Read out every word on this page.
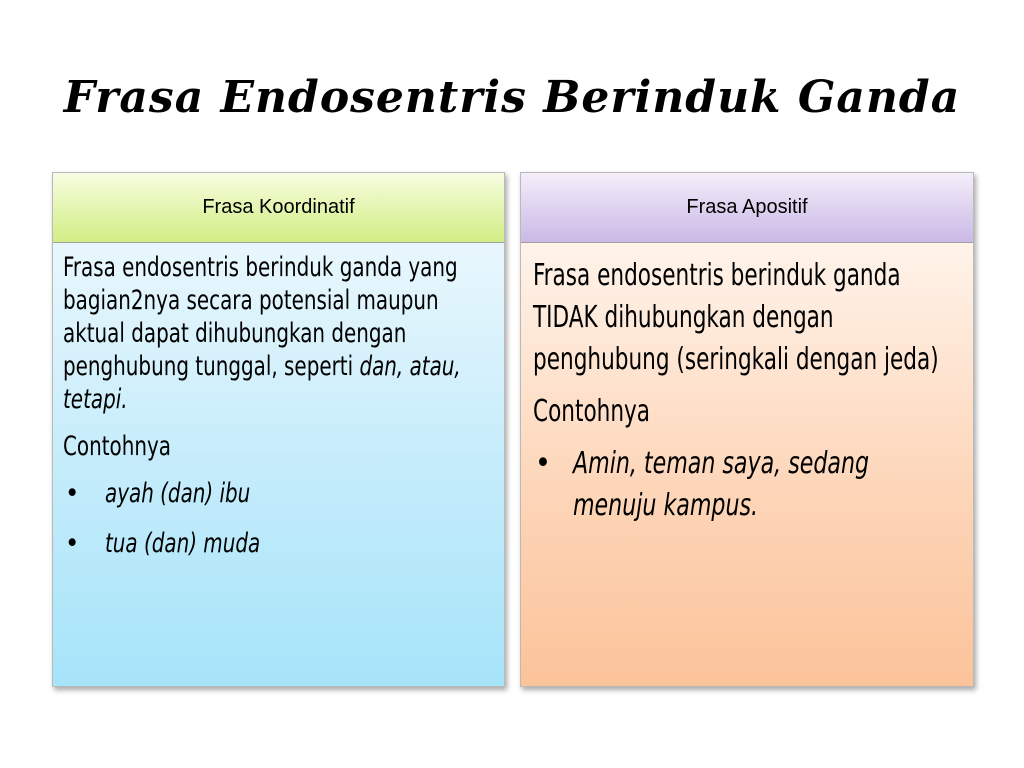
Frasa Endosentris Berinduk Ganda
Frasa Koordinatif

Frasa endosentris berinduk ganda yang bagian2nya secara potensial maupun aktual dapat dihubungkan dengan penghubung tunggal, seperti dan, atau, tetapi.

Contohnya

• ayah (dan) ibu
• tua (dan) muda
Frasa Apositif

Frasa endosentris berinduk ganda TIDAK dihubungkan dengan penghubung (seringkali dengan jeda)

Contohnya

• Amin, teman saya, sedang menuju kampus.
